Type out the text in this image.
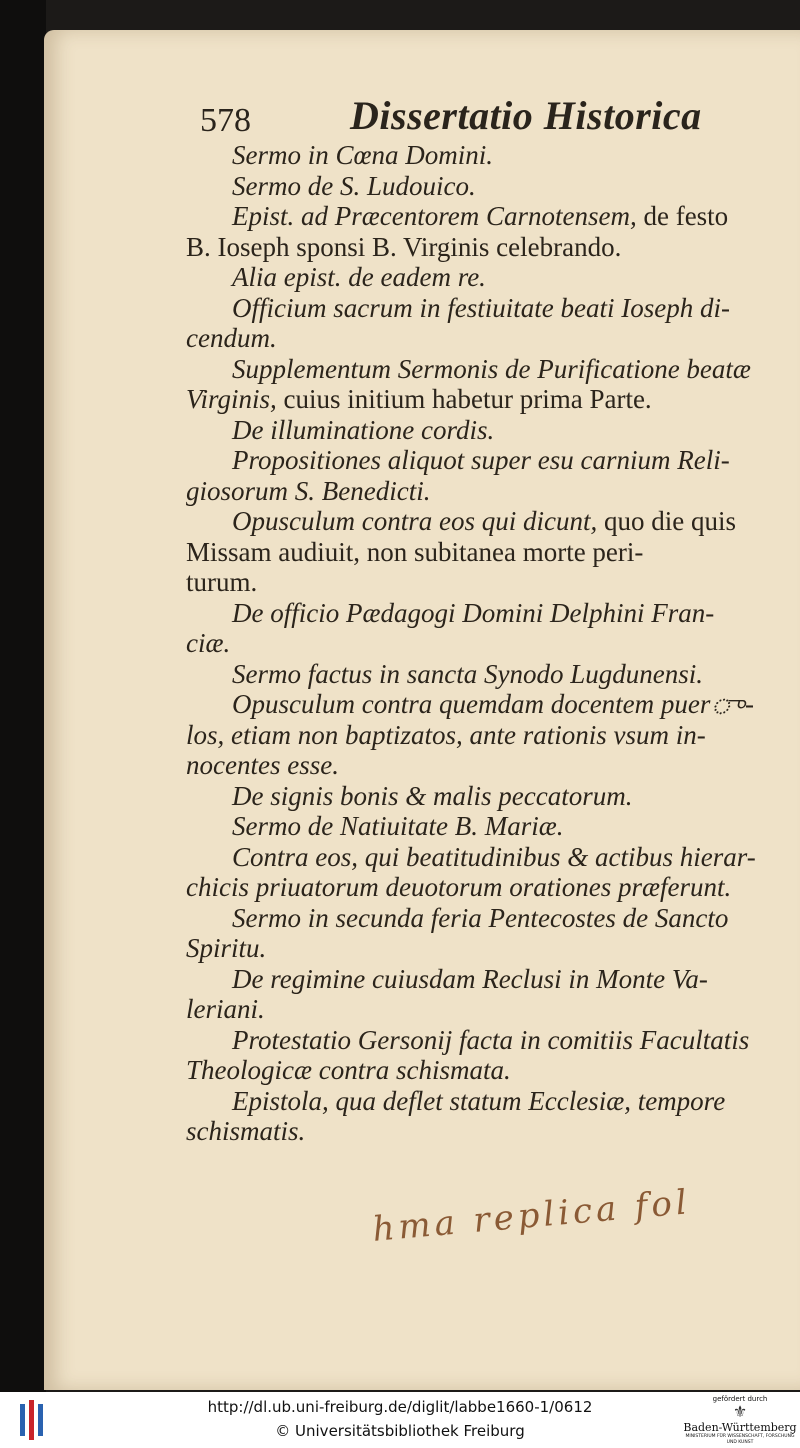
578 Dissertatio Historica
Sermo in Cœna Domini.
Sermo de S. Ludouico.
Epist. ad Præcentorem Carnotensem, de festo
B. Ioseph sponsi B. Virginis celebrando.
Alia epist. de eadem re.
Officium sacrum in festiuitate beati Ioseph di-
cendum.
Supplementum Sermonis de Purificatione beatæ
Virginis, cuius initium habetur prima Parte.
De illuminatione cordis.
Propositiones aliquot super esu carnium Reli-
giosorum S. Benedicti.
Opusculum contra eos qui dicunt, quo die quis
Missam audiuit, non subitanea morte peri-
turum.
De officio Pædagogi Domini Delphini Fran-
ciæ.
Sermo factus in sancta Synodo Lugdunensi.
Opusculum contra quemdam docentem puerு-
los, etiam non baptizatos, ante rationis vsum in-
nocentes esse.
De signis bonis & malis peccatorum.
Sermo de Natiuitate B. Mariæ.
Contra eos, qui beatitudinibus & actibus hierar-
chicis priuatorum deuotorum orationes præferunt.
Sermo in secunda feria Pentecostes de Sancto
Spiritu.
De regimine cuiusdam Reclusi in Monte Va-
leriani.
Protestatio Gersonij facta in comitiis Facultatis
Theologicæ contra schismata.
Epistola, qua deflet statum Ecclesiæ, tempore
schismatis.
hma replica fol
http://dl.ub.uni-freiburg.de/diglit/labbe1660-1/0612
© Universitätsbibliothek Freiburg
gefördert durch
⚜
Baden-Württemberg
MINISTERIUM FÜR WISSENSCHAFT, FORSCHUNG UND KUNST
